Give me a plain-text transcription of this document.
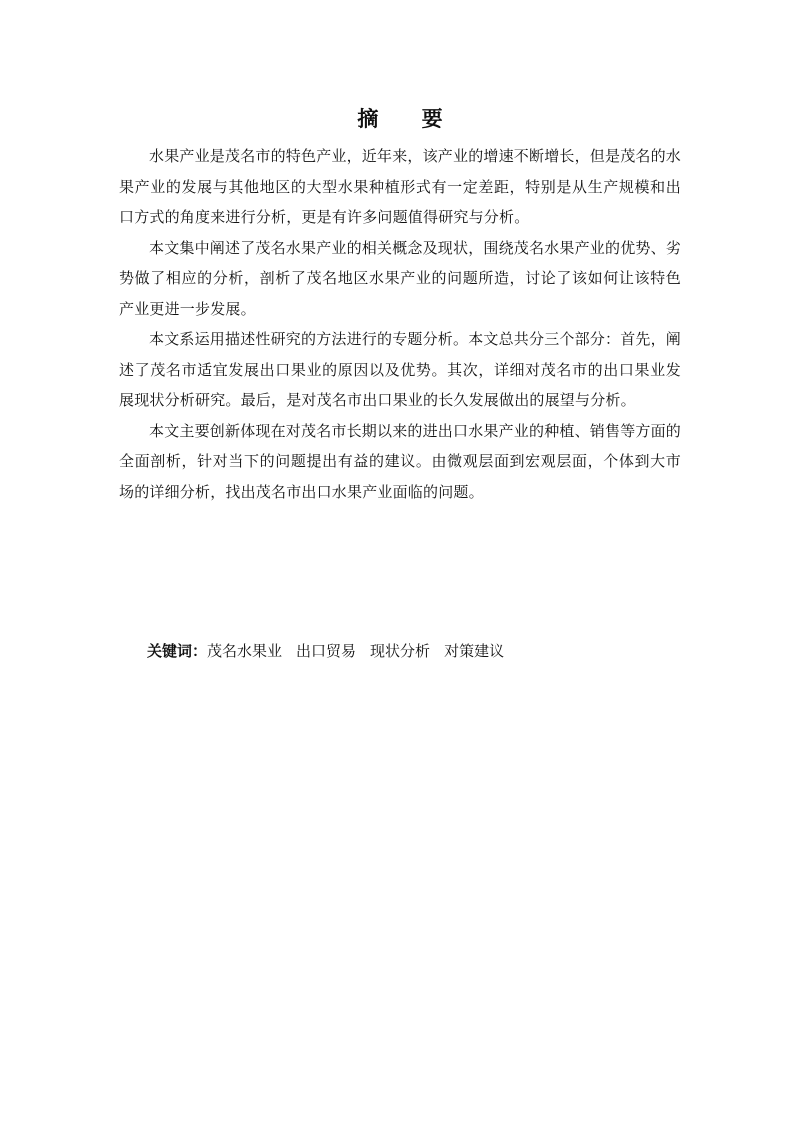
摘 要

水果产业是茂名市的特色产业，近年来，该产业的增速不断增长，但是茂名的水果产业的发展与其他地区的大型水果种植形式有一定差距，特别是从生产规模和出口方式的角度来进行分析，更是有许多问题值得研究与分析。

本文集中阐述了茂名水果产业的相关概念及现状，围绕茂名水果产业的优势、劣势做了相应的分析，剖析了茂名地区水果产业的问题所造，讨论了该如何让该特色产业更进一步发展。

本文系运用描述性研究的方法进行的专题分析。本文总共分三个部分：首先，阐述了茂名市适宜发展出口果业的原因以及优势。其次，详细对茂名市的出口果业发展现状分析研究。最后，是对茂名市出口果业的长久发展做出的展望与分析。

本文主要创新体现在对茂名市长期以来的进出口水果产业的种植、销售等方面的全面剖析，针对当下的问题提出有益的建议。由微观层面到宏观层面，个体到大市场的详细分析，找出茂名市出口水果产业面临的问题。

关键词：茂名水果业 出口贸易 现状分析 对策建议
